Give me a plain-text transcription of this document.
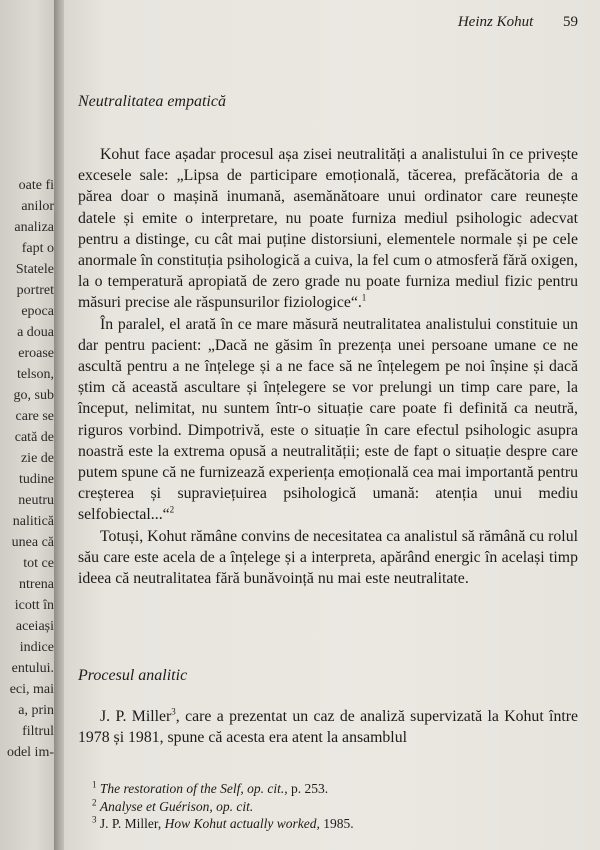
oate fi
anilor
analiza
fapt o
Statele
portret
epoca
a doua
eroase
telson,
go, sub
care se
cată de
zie de
tudine
neutru
nalitică
unea că
tot ce
ntrena
icott în
aceiași
indice
entului.
eci, mai
a, prin
filtrul
odel im-
Heinz Kohut 59
Neutralitatea empatică

Kohut face așadar procesul așa zisei neutralități a analistului în ce privește excesele sale: „Lipsa de participare emoțională, tăcerea, prefăcătoria de a părea doar o mașină inumană, asemănătoare unui ordinator care reunește datele și emite o interpretare, nu poate furniza mediul psihologic adecvat pentru a distinge, cu cât mai puține distorsiuni, elementele normale și pe cele anormale în constituția psihologică a cuiva, la fel cum o atmosferă fără oxigen, la o temperatură apropiată de zero grade nu poate furniza mediul fizic pentru măsuri precise ale răspunsurilor fiziologice“.$^1$

În paralel, el arată în ce mare măsură neutralitatea analistului constituie un dar pentru pacient: „Dacă ne găsim în prezența unei persoane umane ce ne ascultă pentru a ne înțelege și a ne face să ne înțelegem pe noi înșine și dacă știm că această ascultare și înțelegere se vor prelungi un timp care pare, la început, nelimitat, nu suntem într-o situație care poate fi definită ca neutră, riguros vorbind. Dimpotrivă, este o situație în care efectul psihologic asupra noastră este la extrema opusă a neutralității; este de fapt o situație despre care putem spune că ne furnizează experiența emoțională cea mai importantă pentru creșterea și supraviețuirea psihologică umană: atenția unui mediu selfobiectal...“$^2$

Totuși, Kohut rămâne convins de necesitatea ca analistul să rămână cu rolul său care este acela de a înțelege și a interpreta, apărând energic în același timp ideea că neutralitatea fără bunăvoință nu mai este neutralitate.

Procesul analitic

J. P. Miller$^3$, care a prezentat un caz de analiză supervizată la Kohut între 1978 și 1981, spune că acesta era atent la ansamblul

$^1$ The restoration of the Self, op. cit., p. 253.

$^2$ Analyse et Guérison, op. cit.

$^3$ J. P. Miller, How Kohut actually worked, 1985.
